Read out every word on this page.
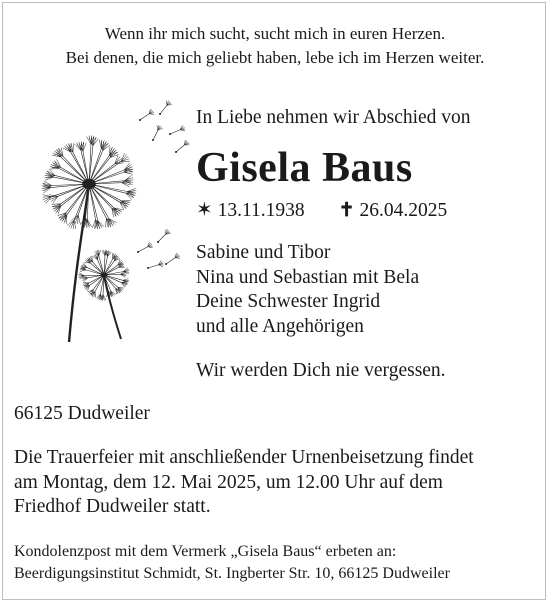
Wenn ihr mich sucht, sucht mich in euren Herzen.
Bei denen, die mich geliebt haben, lebe ich im Herzen weiter.
In Liebe nehmen wir Abschied von
Gisela Baus
✶ 13.11.1938 ✝ 26.04.2025
Sabine und Tibor
Nina und Sebastian mit Bela
Deine Schwester Ingrid
und alle Angehörigen
Wir werden Dich nie vergessen.
66125 Dudweiler
Die Trauerfeier mit anschließender Urnenbeisetzung findet
am Montag, dem 12. Mai 2025, um 12.00 Uhr auf dem
Friedhof Dudweiler statt.
Kondolenzpost mit dem Vermerk „Gisela Baus“ erbeten an:
Beerdigungsinstitut Schmidt, St. Ingberter Str. 10, 66125 Dudweiler
